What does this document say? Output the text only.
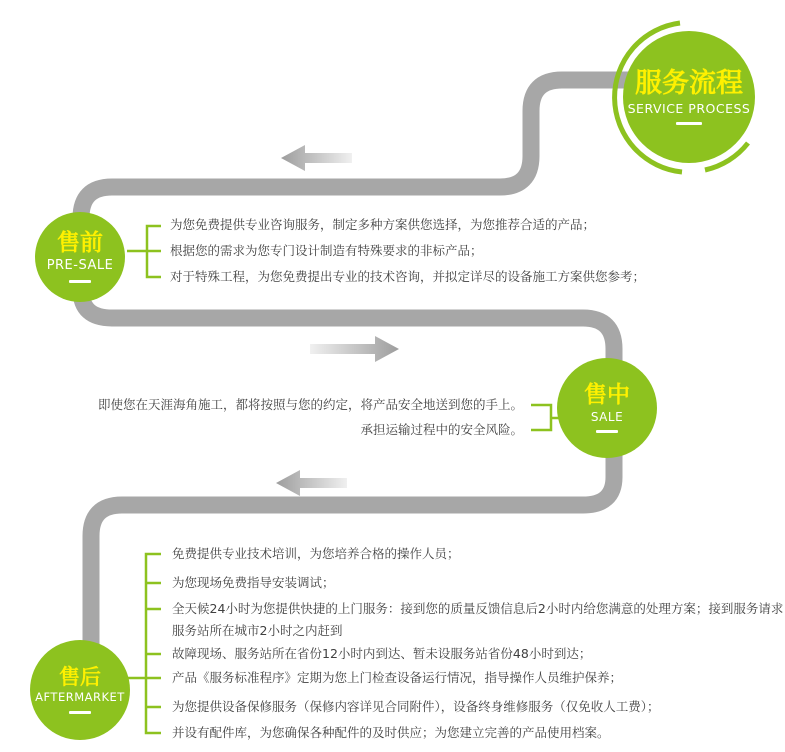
服务流程
SERVICE PROCESS
售前
PRE-SALE
售中
SALE
售后
AFTERMARKET
为您免费提供专业咨询服务，制定多种方案供您选择，为您推荐合适的产品；
根据您的需求为您专门设计制造有特殊要求的非标产品；
对于特殊工程，为您免费提出专业的技术咨询，并拟定详尽的设备施工方案供您参考；
即使您在天涯海角施工，都将按照与您的约定，将产品安全地送到您的手上。
承担运输过程中的安全风险。
免费提供专业技术培训，为您培养合格的操作人员；
为您现场免费指导安装调试；
全天候24小时为您提供快捷的上门服务：接到您的质量反馈信息后2小时内给您满意的处理方案；接到服务请求
服务站所在城市2小时之内赶到
故障现场、服务站所在省份12小时内到达、暂未设服务站省份48小时到达；
产品《服务标准程序》定期为您上门检查设备运行情况，指导操作人员维护保养；
为您提供设备保修服务（保修内容详见合同附件），设备终身维修服务（仅免收人工费）；
并设有配件库，为您确保各种配件的及时供应；为您建立完善的产品使用档案。
